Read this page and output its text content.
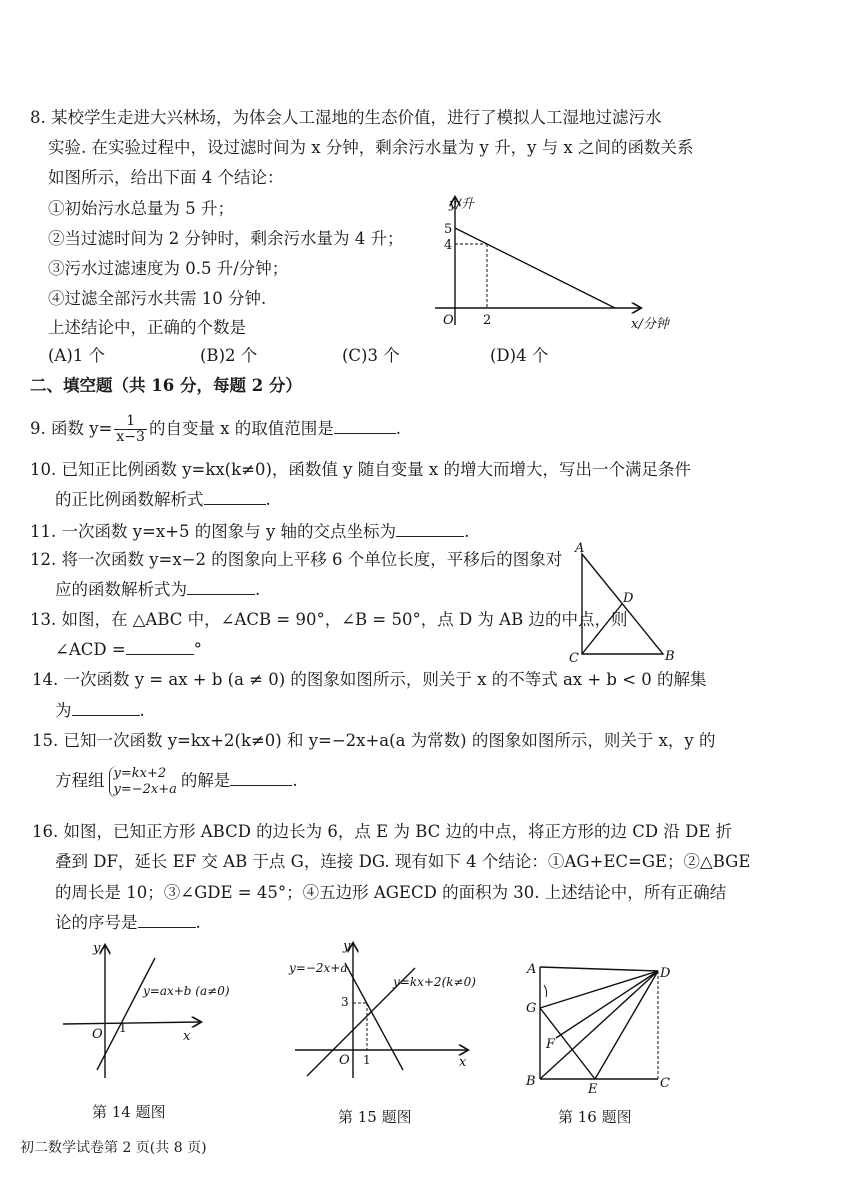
8. 某校学生走进大兴林场，为体会人工湿地的生态价值，进行了模拟人工湿地过滤污水
实验. 在实验过程中，设过滤时间为 x 分钟，剩余污水量为 y 升，y 与 x 之间的函数关系
如图所示，给出下面 4 个结论：
①初始污水总量为 5 升；
②当过滤时间为 2 分钟时，剩余污水量为 4 升；
③污水过滤速度为 0.5 升/分钟；
④过滤全部污水共需 10 分钟.
上述结论中，正确的个数是
(A)1 个	(B)2 个	(C)3 个	(D)4 个
y/升
5
4
O 2	x/分钟
二、填空题（共 16 分，每题 2 分）
9. 函数 $y= \frac{1}{x-3}$ 的自变量 x 的取值范围是	.
10. 已知正比例函数 y=kx(k≠0)，函数值 y 随自变量 x 的增大而增大，写出一个满足条件
的正比例函数解析式	.
11. 一次函数 y=x+5 的图象与 y 轴的交点坐标为	.
12. 将一次函数 y=x−2 的图象向上平移 6 个单位长度，平移后的图象对
应的函数解析式为	.
13. 如图，在 △ABC 中，∠ACB = 90°，∠B = 50°，点 D 为 AB 边的中点，则
∠ACD =	°
A
D
C	B
14. 一次函数 y = ax + b (a ≠ 0) 的图象如图所示，则关于 x 的不等式 ax + b < 0 的解集
为	.
15. 已知一次函数 y=kx+2(k≠0) 和 y=−2x+a(a 为常数) 的图象如图所示，则关于 x，y 的
方程组 y=kx+2
y=−2x+a 的解是	.
16. 如图，已知正方形 ABCD 的边长为 6，点 E 为 BC 边的中点，将正方形的边 CD 沿 DE 折
叠到 DF，延长 EF 交 AB 于点 G，连接 DG. 现有如下 4 个结论：①AG+EC=GE；②△BGE
的周长是 10；③∠GDE = 45°；④五边形 AGECD 的面积为 30. 上述结论中，所有正确结
论的序号是	.
y
x
O 1
y=ax+b (a≠0)
第 14 题图
y
x
O 1
3
y=−2x+a
y=kx+2(k≠0)
第 15 题图
A	D
G
F
B
E	C
第 16 题图
初二数学试卷第 2 页(共 8 页)
